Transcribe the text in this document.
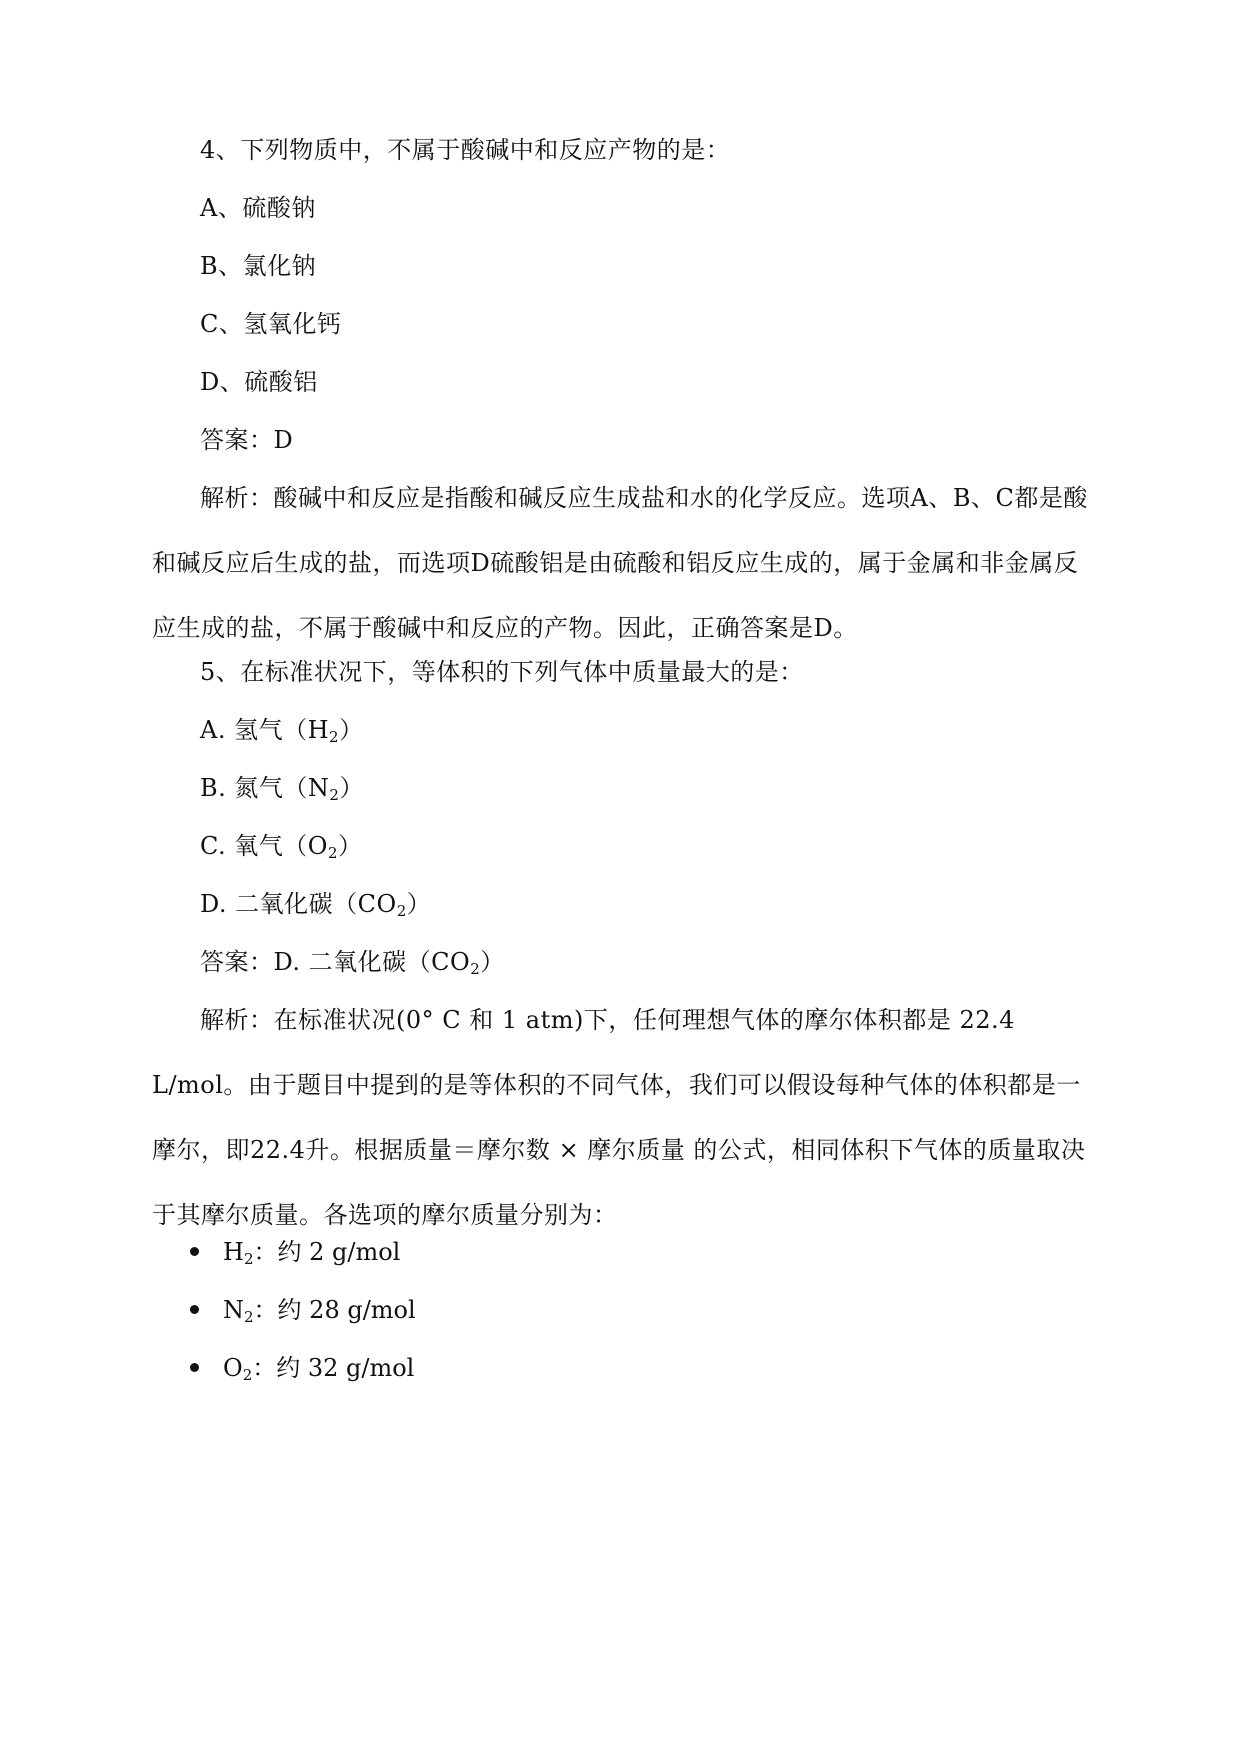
4、下列物质中，不属于酸碱中和反应产物的是：
A、硫酸钠
B、氯化钠
C、氢氧化钙
D、硫酸铝
答案：D
解析：酸碱中和反应是指酸和碱反应生成盐和水的化学反应。选项A、B、C都是酸和碱反应后生成的盐，而选项D硫酸铝是由硫酸和铝反应生成的，属于金属和非金属反应生成的盐，不属于酸碱中和反应的产物。因此，正确答案是D。
5、在标准状况下，等体积的下列气体中质量最大的是：
A. 氢气$(H_2)$
B. 氮气$(N_2)$
C. 氧气$(O_2)$
D. 二氧化碳$(CO_2)$
答案：D. 二氧化碳$(CO_2)$
解析：在标准状况(0° C 和 1 atm)下，任何理想气体的摩尔体积都是 22.4 L/mol。由于题目中提到的是等体积的不同气体，我们可以假设每种气体的体积都是一摩尔，即22.4升。根据质量＝摩尔数 × 摩尔质量 的公式，相同体积下气体的质量取决于其摩尔质量。各选项的摩尔质量分别为：
$H_2$：约 2 g/mol
$N_2$：约 28 g/mol
$O_2$：约 32 g/mol
